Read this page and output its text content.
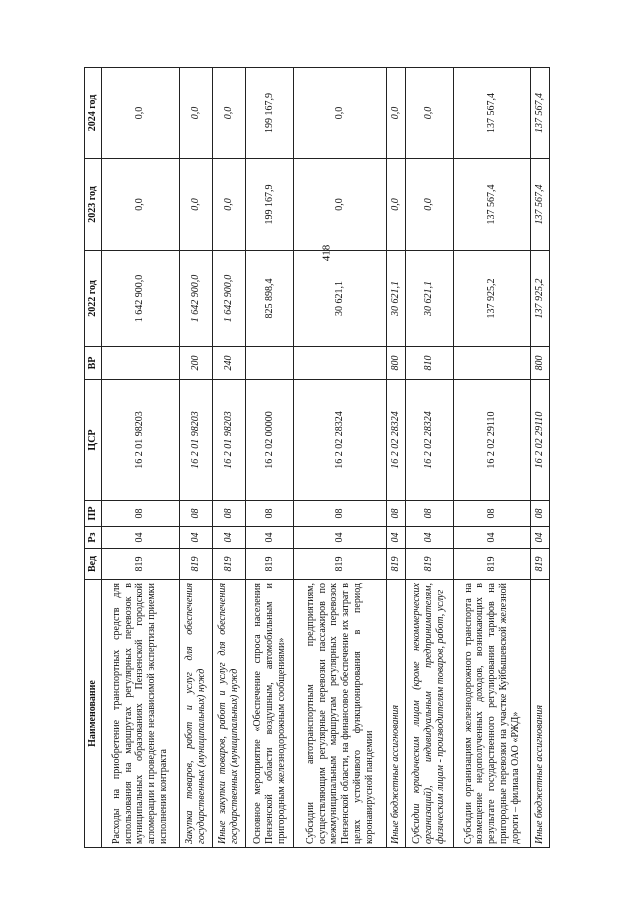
418
Наименование	Вед	Рз	ПР	ЦСР	ВР	2022 год	2023 год	2024 год
Расходы на приобретение транспортных средств для использования на маршрутах регулярных перевозок в муниципальных образованиях Пензенской городской агломерации и проведение независимой экспертизы приемки исполнения контракта	819	04	08	16 2 01 98203		1 642 900,0	0,0	0,0
Закупка товаров, работ и услуг для обеспечения государственных (муниципальных) нужд	819	04	08	16 2 01 98203	200	1 642 900,0	0,0	0,0
Иные закупки товаров, работ и услуг для обеспечения государственных (муниципальных) нужд	819	04	08	16 2 01 98203	240	1 642 900,0	0,0	0,0
Основное мероприятие «Обеспечение спроса населения Пензенской области воздушным, автомобильным и пригородным железнодорожным сообщениями»	819	04	08	16 2 02 00000		825 898,4	199 167,9	199 167,9
Субсидии автотранспортным предприятиям, осуществляющим регулярные перевозки пассажиров по межмуниципальным маршрутам регулярных перевозок Пензенской области, на финансовое обеспечение их затрат в целях устойчивого функционирования в период коронавирусной пандемии	819	04	08	16 2 02 28324		30 621,1	0,0	0,0
Иные бюджетные ассигнования	819	04	08	16 2 02 28324	800	30 621,1	0,0	0,0
Субсидии юридическим лицам (кроме некоммерческих организаций), индивидуальным предпринимателям, физическим лицам - производителям товаров, работ, услуг	819	04	08	16 2 02 28324	810	30 621,1	0,0	0,0
Субсидии организациям железнодорожного транспорта на возмещение недополученных доходов, возникающих в результате государственного регулирования тарифов на пригородные перевозки на участке Куйбышевской железной дороги – филиала ОАО «РЖД»	819	04	08	16 2 02 29110		137 925,2	137 567,4	137 567,4
Иные бюджетные ассигнования	819	04	08	16 2 02 29110	800	137 925,2	137 567,4	137 567,4
